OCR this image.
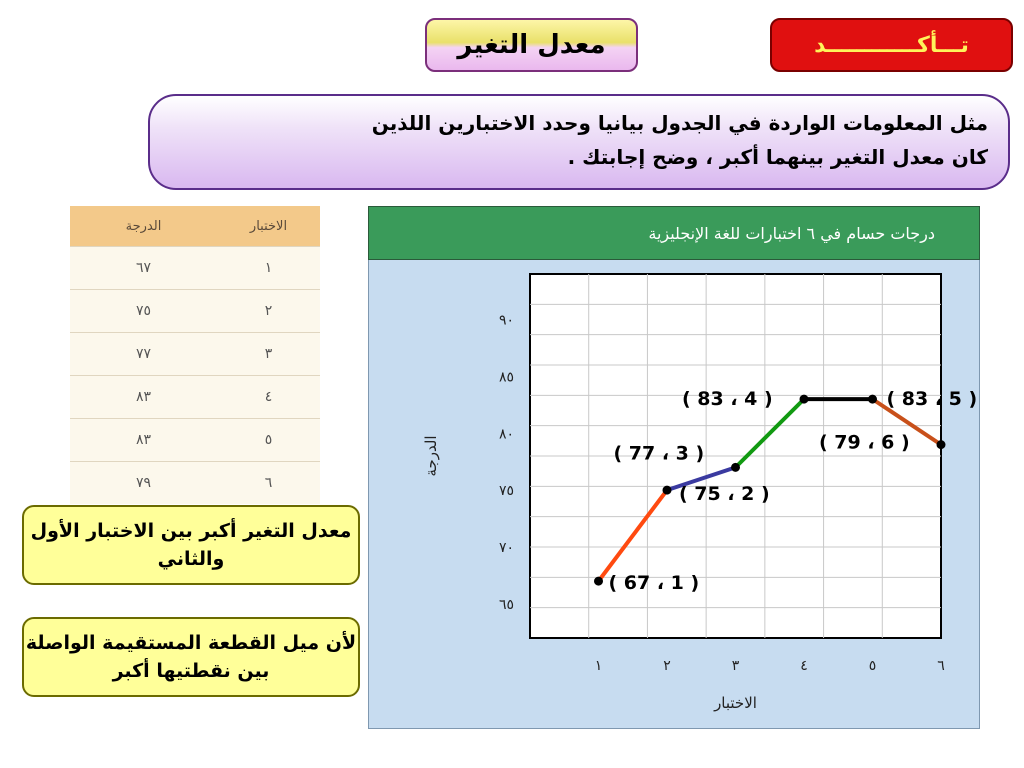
معدل التغير	تـــأكــــــــــــد
مثل المعلومات الواردة في الجدول بيانيا وحدد الاختبارين اللذين
كان معدل التغير بينهما أكبر ، وضح إجابتك .
الدرجة	الاختبار
٦٧	١
٧٥	٢
٧٧	٣
٨٣	٤
٨٣	٥
٧٩	٦
معدل التغير أكبر بين الاختبار الأول والثاني
لأن ميل القطعة المستقيمة الواصلة بين نقطتيها أكبر
درجات حسام في ٦ اختبارات للغة الإنجليزية
١	٢	٣	٤	٥	٦
٦٥
٧٠
٧٥
٨٠
٨٥
٩٠
الاختبار
الدرجة
( 67 ، 1 )
( 75 ، 2 )
( 77 ، 3 )
( 83 ، 4 )	( 83 ، 5 )
( 79 ، 6 )
